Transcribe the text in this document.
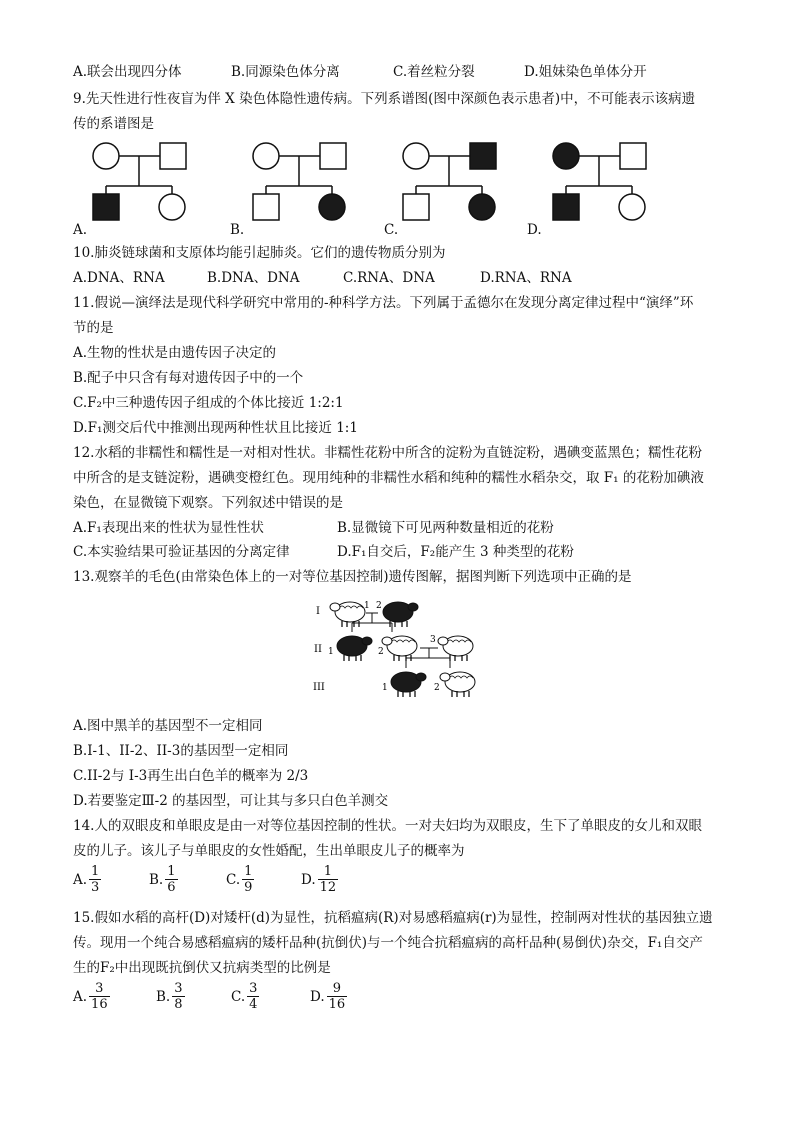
A.联会出现四分体	B.同源染色体分离	C.着丝粒分裂	D.姐妹染色单体分开
9.先天性进行性夜盲为伴 X 染色体隐性遗传病。下列系谱图(图中深颜色表示患者)中，不可能表示该病遗
传的系谱图是
A.	B.	C.	D.
10.肺炎链球菌和支原体均能引起肺炎。它们的遗传物质分别为
A.DNA、RNA	B.DNA、DNA	C.RNA、DNA	D.RNA、RNA
11.假说—演绎法是现代科学研究中常用的-种科学方法。下列属于孟德尔在发现分离定律过程中“演绎”环
节的是
A.生物的性状是由遗传因子决定的
B.配子中只含有每对遗传因子中的一个
C.F₂中三种遗传因子组成的个体比接近 1:2:1
D.F₁测交后代中推测出现两种性状且比接近 1:1
12.水稻的非糯性和糯性是一对相对性状。非糯性花粉中所含的淀粉为直链淀粉，遇碘变蓝黑色；糯性花粉
中所含的是支链淀粉，遇碘变橙红色。现用纯种的非糯性水稻和纯种的糯性水稻杂交，取 F₁ 的花粉加碘液
染色，在显微镜下观察。下列叙述中错误的是
A.F₁表现出来的性状为显性性状	B.显微镜下可见两种数量相近的花粉
C.本实验结果可验证基因的分离定律	D.F₁自交后，F₂能产生 3 种类型的花粉
13.观察羊的毛色(由常染色体上的一对等位基因控制)遗传图解，据图判断下列选项中正确的是
I
II
III
1 2
3
1	2
1	2
A.图中黑羊的基因型不一定相同
B.I-1、II-2、II-3的基因型一定相同
C.II-2与 I-3再生出白色羊的概率为 2/3
D.若要鉴定Ⅲ-2 的基因型，可让其与多只白色羊测交
14.人的双眼皮和单眼皮是由一对等位基因控制的性状。一对夫妇均为双眼皮，生下了单眼皮的女儿和双眼
皮的儿子。该儿子与单眼皮的女性婚配，生出单眼皮儿子的概率为
A. $\frac{1}{3}$	B. $\frac{1}{6}$	C. $\frac{1}{9}$	D. $\frac{1}{12}$
15.假如水稻的高杆(D)对矮杆(d)为显性，抗稻瘟病(R)对易感稻瘟病(r)为显性，控制两对性状的基因独立遗
传。现用一个纯合易感稻瘟病的矮杆品种(抗倒伏)与一个纯合抗稻瘟病的高杆品种(易倒伏)杂交，F₁自交产
生的F₂中出现既抗倒伏又抗病类型的比例是
A. $\frac{3}{16}$	B. $\frac{3}{8}$	C. $\frac{3}{4}$	D. $\frac{9}{16}$
